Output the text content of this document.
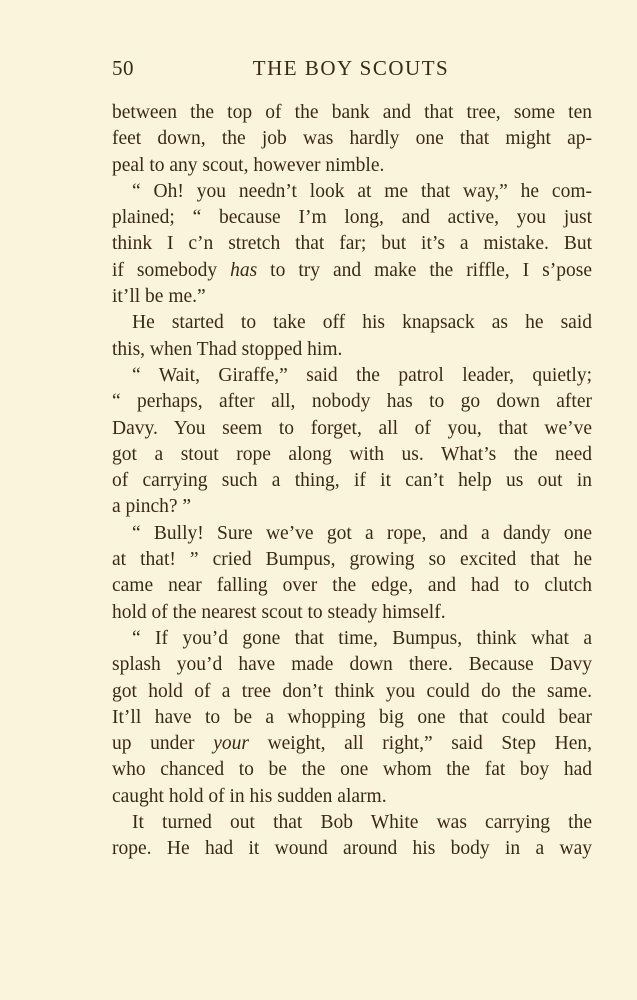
50	THE BOY SCOUTS
between the top of the bank and that tree, some ten
feet down, the job was hardly one that might ap-
peal to any scout, however nimble.
“ Oh! you needn’t look at me that way,” he com-
plained; “ because I’m long, and active, you just
think I c’n stretch that far; but it’s a mistake. But
if somebody has to try and make the riffle, I s’pose
it’ll be me.”
He started to take off his knapsack as he said
this, when Thad stopped him.
“ Wait, Giraffe,” said the patrol leader, quietly;
“ perhaps, after all, nobody has to go down after
Davy. You seem to forget, all of you, that we’ve
got a stout rope along with us. What’s the need
of carrying such a thing, if it can’t help us out in
a pinch? ”
“ Bully! Sure we’ve got a rope, and a dandy one
at that! ” cried Bumpus, growing so excited that he
came near falling over the edge, and had to clutch
hold of the nearest scout to steady himself.
“ If you’d gone that time, Bumpus, think what a
splash you’d have made down there. Because Davy
got hold of a tree don’t think you could do the same.
It’ll have to be a whopping big one that could bear
up under your weight, all right,” said Step Hen,
who chanced to be the one whom the fat boy had
caught hold of in his sudden alarm.
It turned out that Bob White was carrying the
rope. He had it wound around his body in a way
